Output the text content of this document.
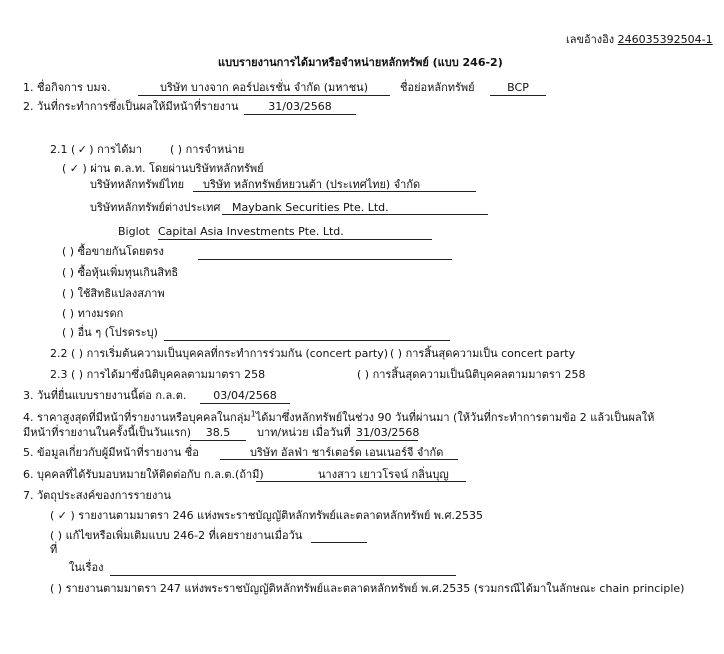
เลขอ้างอิง 246035392504-1
แบบรายงานการได้มาหรือจำหน่ายหลักทรัพย์ (แบบ 246-2)
1. ชื่อกิจการ บมจ.	บริษัท บางจาก คอร์ปอเรชั่น จำกัด (มหาชน)	ชื่อย่อหลักทรัพย์	BCP
2. วันที่กระทำการซึ่งเป็นผลให้มีหน้าที่รายงาน	31/03/2568
2.1 ( ✓ ) การได้มา	( ) การจำหน่าย
( ✓ ) ผ่าน ต.ล.ท. โดยผ่านบริษัทหลักทรัพย์
บริษัทหลักทรัพย์ไทย	บริษัท หลักทรัพย์หยวนต้า (ประเทศไทย) จำกัด
บริษัทหลักทรัพย์ต่างประเทศ	Maybank Securities Pte. Ltd.
Biglot Capital Asia Investments Pte. Ltd.
( ) ซื้อขายกันโดยตรง
( ) ซื้อหุ้นเพิ่มทุนเกินสิทธิ
( ) ใช้สิทธิแปลงสภาพ
( ) ทางมรดก
( ) อื่น ๆ (โปรดระบุ)
2.2 ( ) การเริ่มต้นความเป็นบุคคลที่กระทำการร่วมกัน (concert party) ( ) การสิ้นสุดความเป็น concert party
2.3 ( ) การได้มาซึ่งนิติบุคคลตามมาตรา 258	( ) การสิ้นสุดความเป็นนิติบุคคลตามมาตรา 258
3. วันที่ยื่นแบบรายงานนี้ต่อ ก.ล.ต.	03/04/2568
4. ราคาสูงสุดที่มีหน้าที่รายงานหรือบุคคลในกลุ่ม$^1$ได้มาซึ่งหลักทรัพย์ในช่วง 90 วันที่ผ่านมา (ให้วันที่กระทำการตามข้อ 2 แล้วเป็นผลให้
มีหน้าที่รายงานในครั้งนี้เป็นวันแรก)	38.5	บาท/หน่วย เมื่อวันที่ 31/03/2568
5. ข้อมูลเกี่ยวกับผู้มีหน้าที่รายงาน ชื่อ	บริษัท อัลฟ่า ชาร์เตอร์ด เอนเนอร์จี จำกัด
6. บุคคลที่ได้รับมอบหมายให้ติดต่อกับ ก.ล.ต.(ถ้ามี)	นางสาว เยาวโรจน์ กลิ่นบุญ
7. วัตถุประสงค์ของการรายงาน
( ✓ ) รายงานตามมาตรา 246 แห่งพระราชบัญญัติหลักทรัพย์และตลาดหลักทรัพย์ พ.ศ.2535
( ) แก้ไขหรือเพิ่มเติมแบบ 246-2 ที่เคยรายงานเมื่อวัน
ที่
ในเรื่อง
( ) รายงานตามมาตรา 247 แห่งพระราชบัญญัติหลักทรัพย์และตลาดหลักทรัพย์ พ.ศ.2535 (รวมกรณีได้มาในลักษณะ chain principle)
